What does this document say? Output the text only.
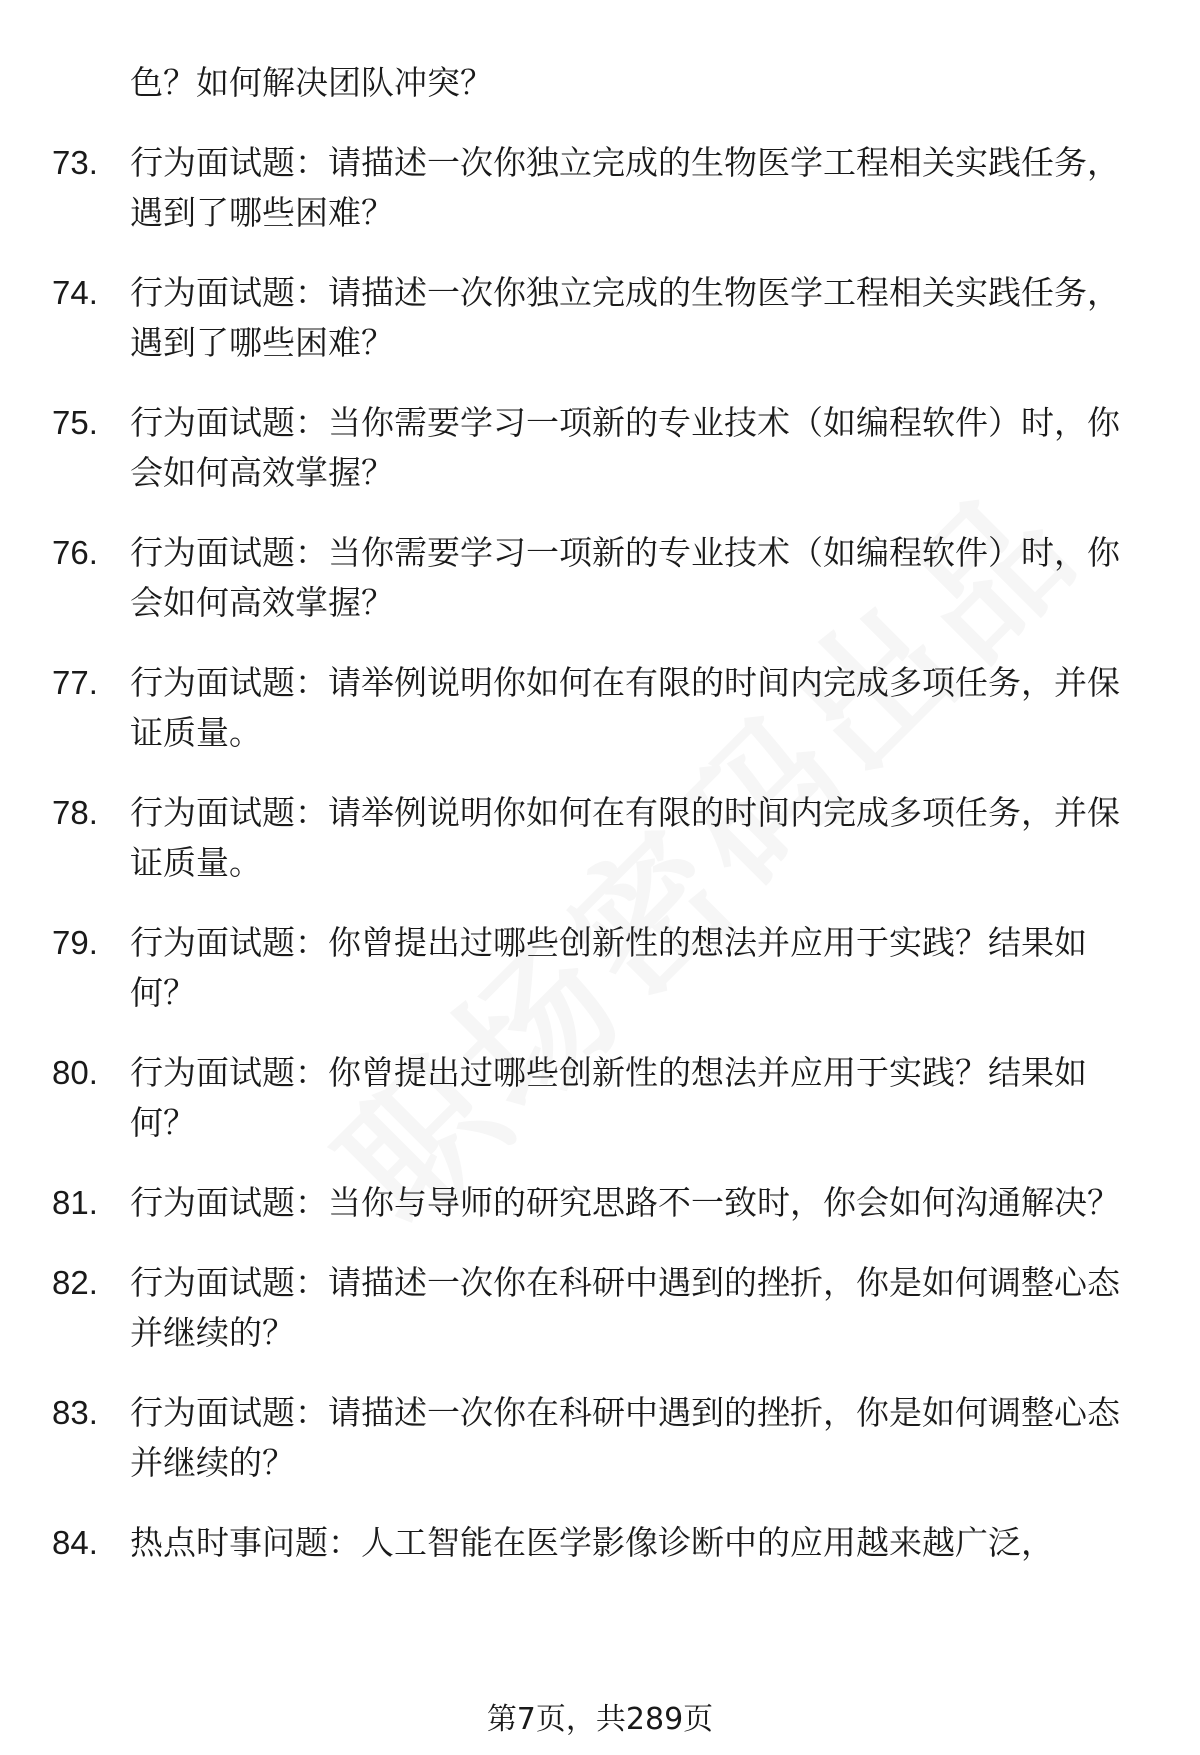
色？如何解决团队冲突？
73. 行为面试题：请描述一次你独立完成的生物医学工程相关实践任务，遇到了哪些困难？
74. 行为面试题：请描述一次你独立完成的生物医学工程相关实践任务，遇到了哪些困难？
75. 行为面试题：当你需要学习一项新的专业技术（如编程软件）时，你会如何高效掌握？
76. 行为面试题：当你需要学习一项新的专业技术（如编程软件）时，你会如何高效掌握？
77. 行为面试题：请举例说明你如何在有限的时间内完成多项任务，并保证质量。
78. 行为面试题：请举例说明你如何在有限的时间内完成多项任务，并保证质量。
79. 行为面试题：你曾提出过哪些创新性的想法并应用于实践？结果如何？
80. 行为面试题：你曾提出过哪些创新性的想法并应用于实践？结果如何？
81. 行为面试题：当你与导师的研究思路不一致时，你会如何沟通解决？
82. 行为面试题：请描述一次你在科研中遇到的挫折，你是如何调整心态并继续的？
83. 行为面试题：请描述一次你在科研中遇到的挫折，你是如何调整心态并继续的？
84. 热点时事问题：人工智能在医学影像诊断中的应用越来越广泛，
第7页，共289页
